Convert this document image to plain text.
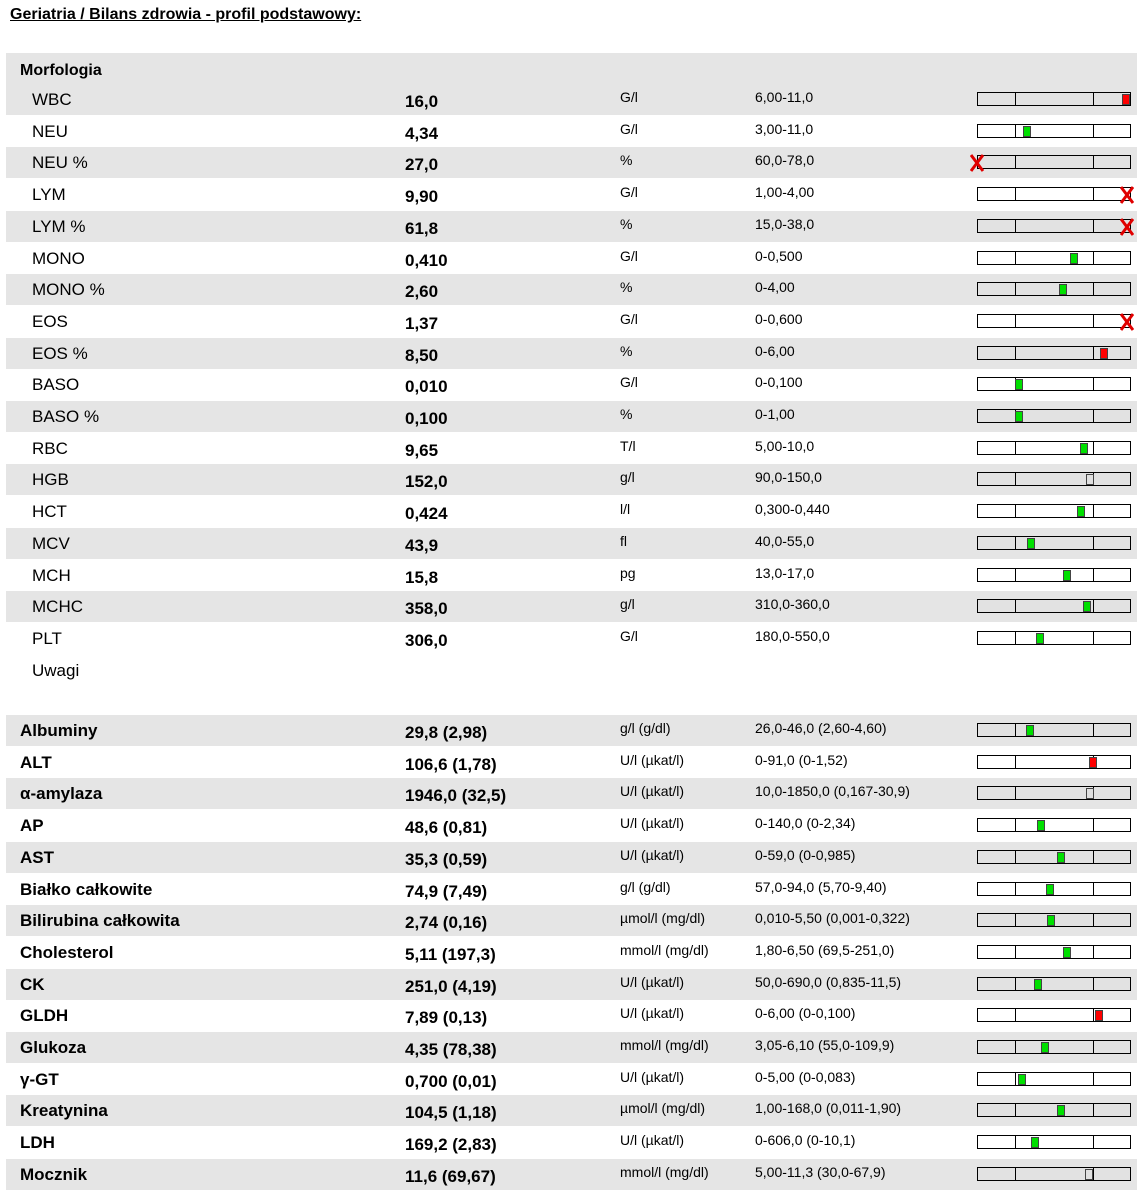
Geriatria / Bilans zdrowia - profil podstawowy:
Morfologia
WBC	16,0	G/l	6,00-11,0
NEU	4,34	G/l	3,00-11,0
NEU %	27,0	%	60,0-78,0
LYM	9,90	G/l	1,00-4,00
LYM %	61,8	%	15,0-38,0
MONO	0,410	G/l	0-0,500
MONO %	2,60	%	0-4,00
EOS	1,37	G/l	0-0,600
EOS %	8,50	%	0-6,00
BASO	0,010	G/l	0-0,100
BASO %	0,100	%	0-1,00
RBC	9,65	T/l	5,00-10,0
HGB	152,0	g/l	90,0-150,0
HCT	0,424	l/l	0,300-0,440
MCV	43,9	fl	40,0-55,0
MCH	15,8	pg	13,0-17,0
MCHC	358,0	g/l	310,0-360,0
PLT	306,0	G/l	180,0-550,0
Uwagi
Albuminy	29,8 (2,98)	g/l (g/dl)	26,0-46,0 (2,60-4,60)
ALT	106,6 (1,78)	U/l (µkat/l)	0-91,0 (0-1,52)
α-amylaza	1946,0 (32,5)	U/l (µkat/l)	10,0-1850,0 (0,167-30,9)
AP	48,6 (0,81)	U/l (µkat/l)	0-140,0 (0-2,34)
AST	35,3 (0,59)	U/l (µkat/l)	0-59,0 (0-0,985)
Białko całkowite	74,9 (7,49)	g/l (g/dl)	57,0-94,0 (5,70-9,40)
Bilirubina całkowita	2,74 (0,16)	µmol/l (mg/dl)	0,010-5,50 (0,001-0,322)
Cholesterol	5,11 (197,3)	mmol/l (mg/dl)	1,80-6,50 (69,5-251,0)
CK	251,0 (4,19)	U/l (µkat/l)	50,0-690,0 (0,835-11,5)
GLDH	7,89 (0,13)	U/l (µkat/l)	0-6,00 (0-0,100)
Glukoza	4,35 (78,38)	mmol/l (mg/dl)	3,05-6,10 (55,0-109,9)
γ-GT	0,700 (0,01)	U/l (µkat/l)	0-5,00 (0-0,083)
Kreatynina	104,5 (1,18)	µmol/l (mg/dl)	1,00-168,0 (0,011-1,90)
LDH	169,2 (2,83)	U/l (µkat/l)	0-606,0 (0-10,1)
Mocznik	11,6 (69,67)	mmol/l (mg/dl)	5,00-11,3 (30,0-67,9)
